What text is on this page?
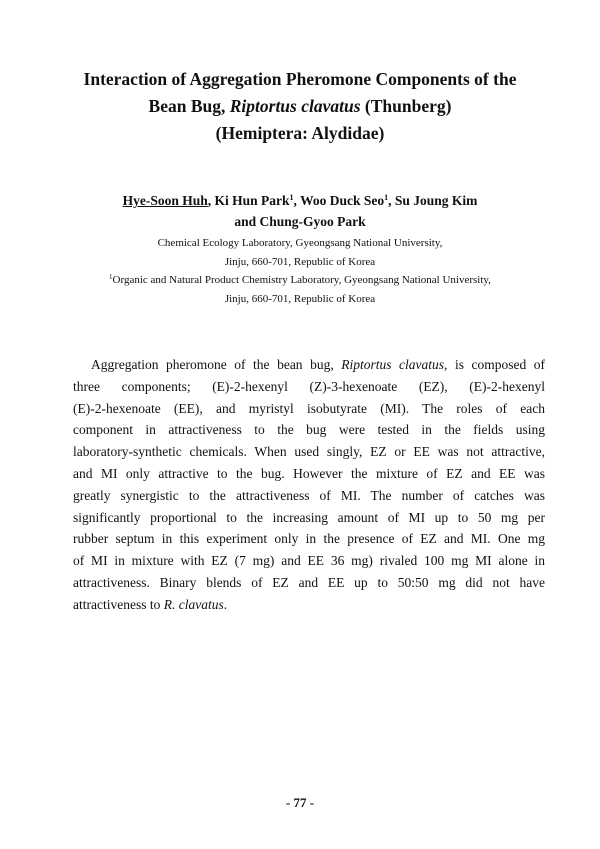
Interaction of Aggregation Pheromone Components of the
Bean Bug, Riptortus clavatus (Thunberg)
(Hemiptera: Alydidae)
Hye-Soon Huh, Ki Hun Park$^1$, Woo Duck Seo$^1$, Su Joung Kim
and Chung-Gyoo Park
Chemical Ecology Laboratory, Gyeongsang National University,
Jinju, 660-701, Republic of Korea
$^1$Organic and Natural Product Chemistry Laboratory, Gyeongsang National University,
Jinju, 660-701, Republic of Korea
Aggregation pheromone of the bean bug, Riptortus clavatus, is composed of
three components; (E)-2-hexenyl (Z)-3-hexenoate (EZ), (E)-2-hexenyl
(E)-2-hexenoate (EE), and myristyl isobutyrate (MI). The roles of each
component in attractiveness to the bug were tested in the fields using
laboratory-synthetic chemicals. When used singly, EZ or EE was not attractive,
and MI only attractive to the bug. However the mixture of EZ and EE was
greatly synergistic to the attractiveness of MI. The number of catches was
significantly proportional to the increasing amount of MI up to 50 mg per
rubber septum in this experiment only in the presence of EZ and MI. One mg
of MI in mixture with EZ (7 mg) and EE 36 mg) rivaled 100 mg MI alone in
attractiveness. Binary blends of EZ and EE up to 50:50 mg did not have
attractiveness to R. clavatus.
- 77 -
